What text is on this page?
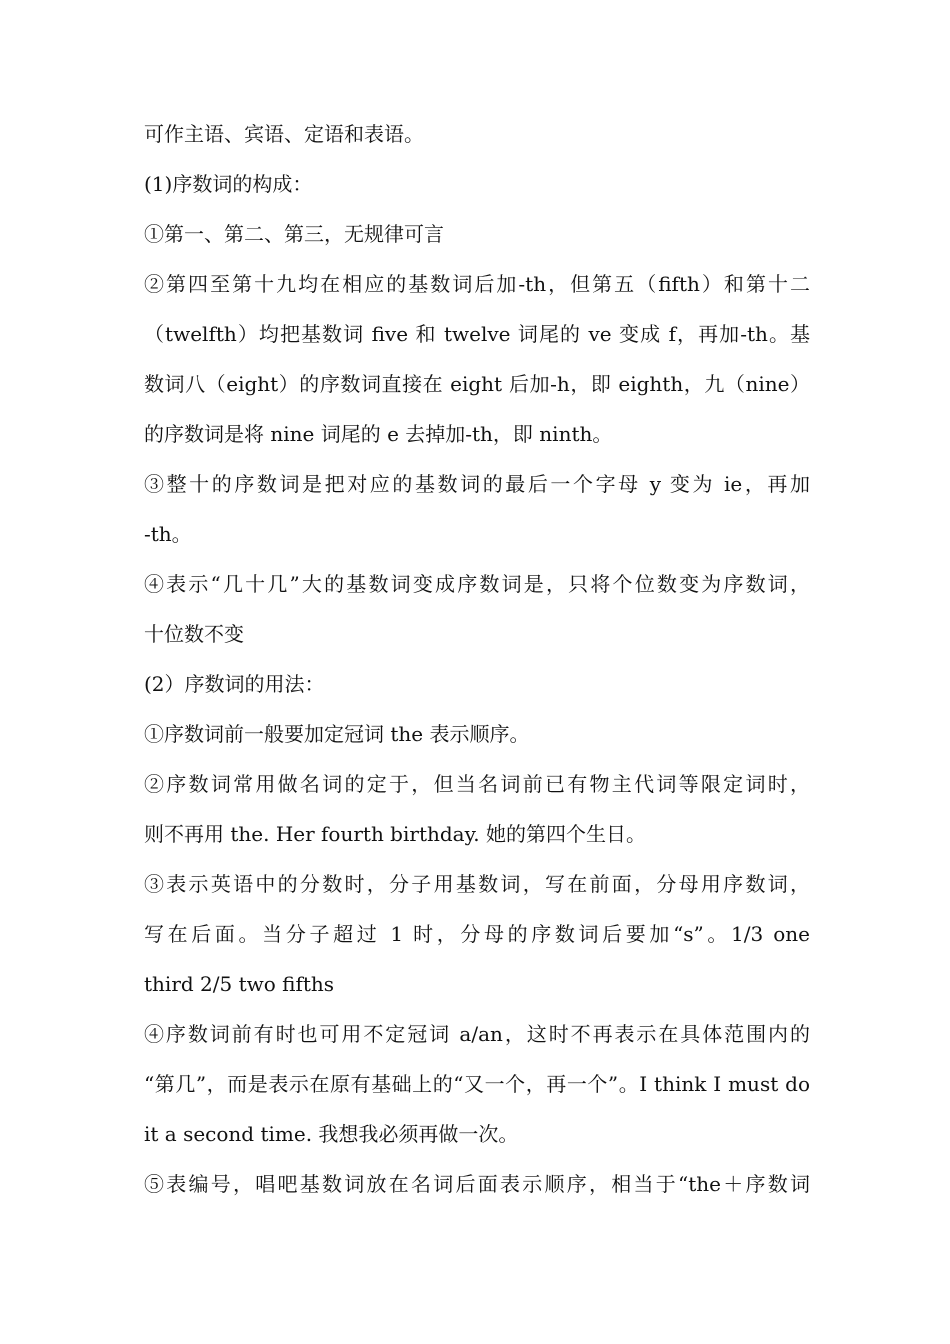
可作主语、宾语、定语和表语。
(1)序数词的构成：
①第一、第二、第三，无规律可言
②第四至第十九均在相应的基数词后加-th，但第五（fifth）和第十二
（twelfth）均把基数词 five 和 twelve 词尾的 ve 变成 f，再加-th。基
数词八（eight）的序数词直接在 eight 后加-h，即 eighth，九（nine）
的序数词是将 nine 词尾的 e 去掉加-th，即 ninth。
③整十的序数词是把对应的基数词的最后一个字母 y 变为 ie，再加
-th。
④表示“几十几”大的基数词变成序数词是，只将个位数变为序数词，
十位数不变
(2）序数词的用法：
①序数词前一般要加定冠词 the 表示顺序。
②序数词常用做名词的定于，但当名词前已有物主代词等限定词时，
则不再用 the. Her fourth birthday. 她的第四个生日。
③表示英语中的分数时，分子用基数词，写在前面，分母用序数词，
写在后面。当分子超过 1 时，分母的序数词后要加“s”。1/3 one
third 2/5 two fifths
④序数词前有时也可用不定冠词 a/an，这时不再表示在具体范围内的
“第几”，而是表示在原有基础上的“又一个，再一个”。I think I must do
it a second time. 我想我必须再做一次。
⑤表编号，唱吧基数词放在名词后面表示顺序，相当于“the＋序数词
